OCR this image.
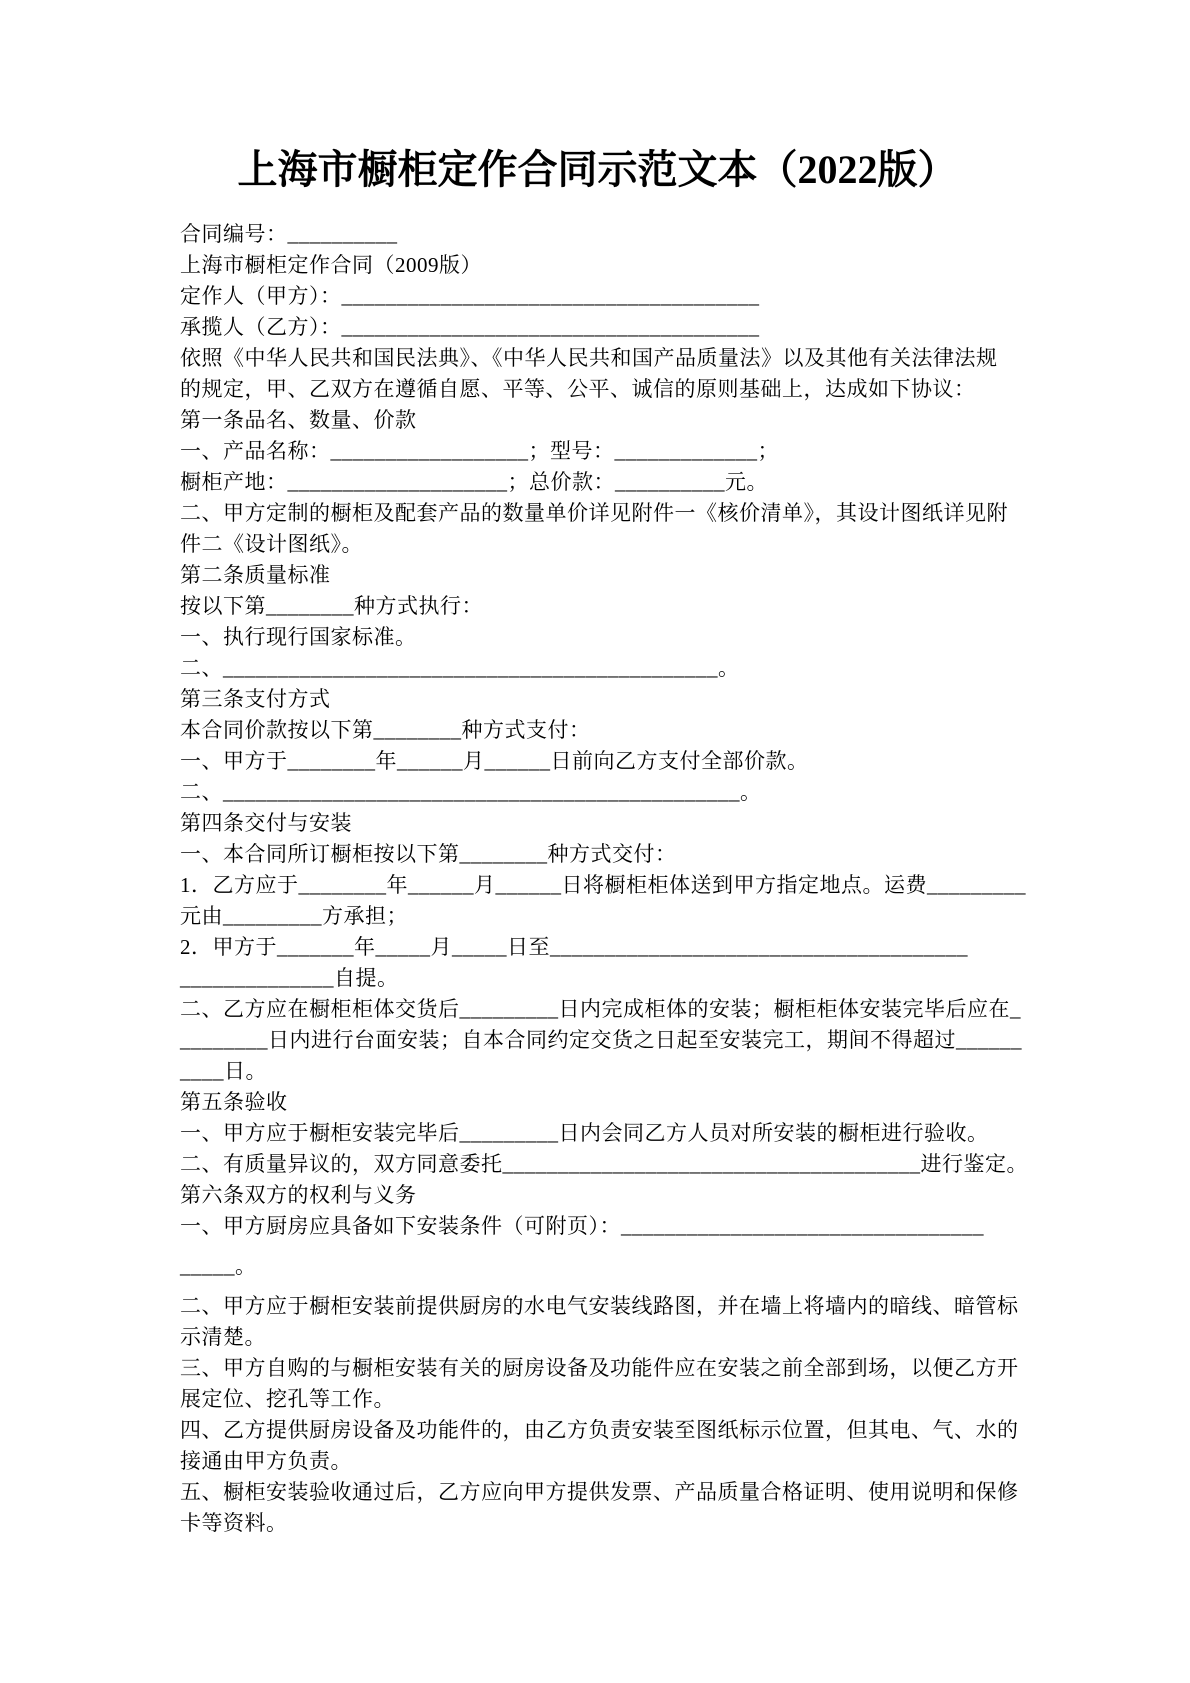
上海市橱柜定作合同示范文本（2022版）

合同编号：__________

上海市橱柜定作合同（2009版）

定作人（甲方）：______________________________________

承揽人（乙方）：______________________________________

依照《中华人民共和国民法典》、《中华人民共和国产品质量法》以及其他有关法律法规

的规定，甲、乙双方在遵循自愿、平等、公平、诚信的原则基础上，达成如下协议：

第一条品名、数量、价款

一、产品名称：__________________；型号：_____________；

橱柜产地：____________________；总价款：__________元。

二、甲方定制的橱柜及配套产品的数量单价详见附件一《核价清单》，其设计图纸详见附

件二《设计图纸》。

第二条质量标准

按以下第________种方式执行：

一、执行现行国家标准。

二、_____________________________________________。

第三条支付方式

本合同价款按以下第________种方式支付：

一、甲方于________年______月______日前向乙方支付全部价款。

二、_______________________________________________。

第四条交付与安装

一、本合同所订橱柜按以下第________种方式交付：

1．乙方应于________年______月______日将橱柜柜体送到甲方指定地点。运费_________

元由_________方承担；

2．甲方于_______年_____月_____日至______________________________________

______________自提。

二、乙方应在橱柜柜体交货后_________日内完成柜体的安装；橱柜柜体安装完毕后应在_

________日内进行台面安装；自本合同约定交货之日起至安装完工，期间不得超过______

____日。

第五条验收

一、甲方应于橱柜安装完毕后_________日内会同乙方人员对所安装的橱柜进行验收。

二、有质量异议的，双方同意委托______________________________________进行鉴定。

第六条双方的权利与义务

一、甲方厨房应具备如下安装条件（可附页）：_________________________________

_____。

二、甲方应于橱柜安装前提供厨房的水电气安装线路图，并在墙上将墙内的暗线、暗管标

示清楚。

三、甲方自购的与橱柜安装有关的厨房设备及功能件应在安装之前全部到场，以便乙方开

展定位、挖孔等工作。

四、乙方提供厨房设备及功能件的，由乙方负责安装至图纸标示位置，但其电、气、水的

接通由甲方负责。

五、橱柜安装验收通过后，乙方应向甲方提供发票、产品质量合格证明、使用说明和保修

卡等资料。
